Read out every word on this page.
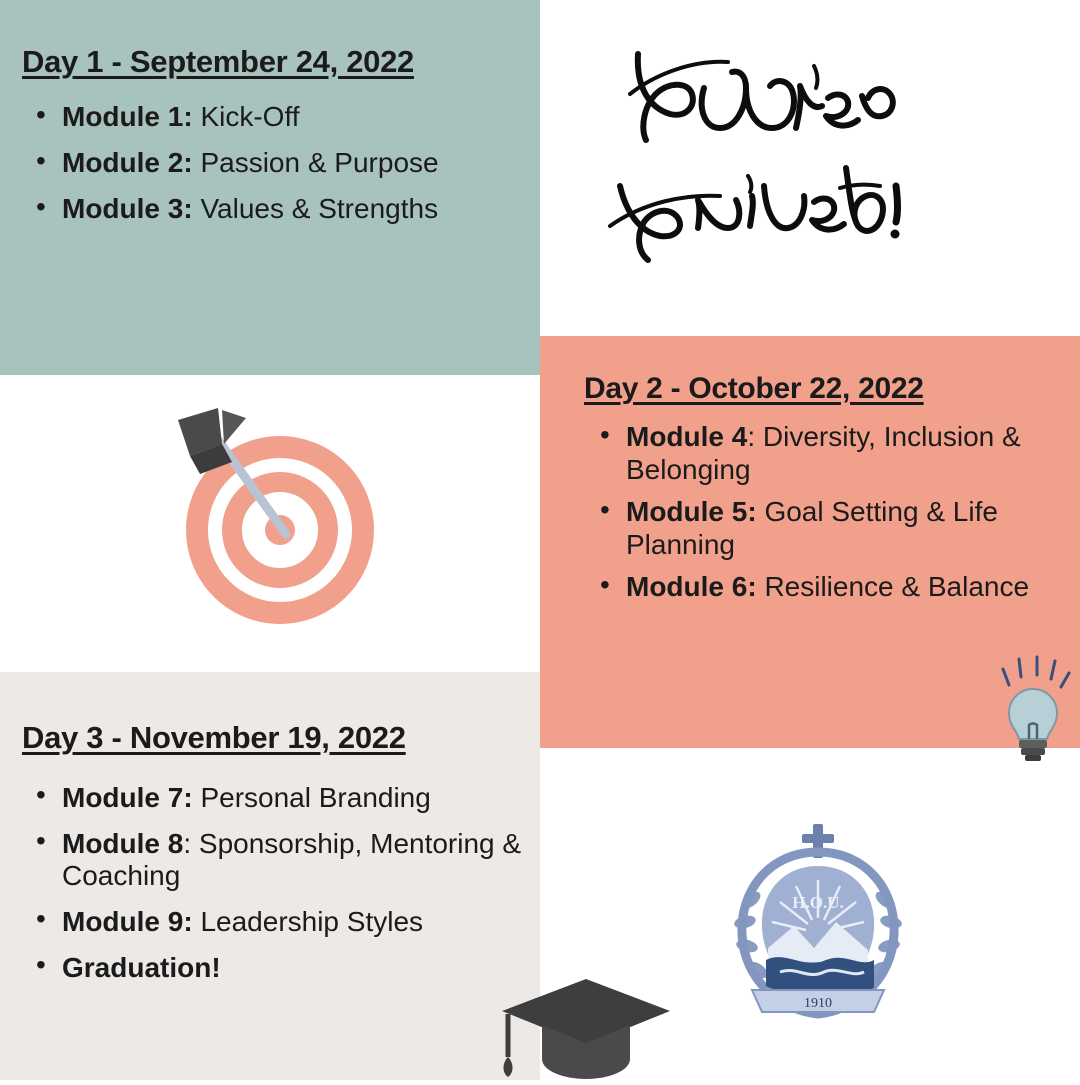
Day 1 - September 24, 2022
• Module 1: Kick-Off
• Module 2: Passion & Purpose
• Module 3: Values & Strengths
Day 2 - October 22, 2022
• Module 4: Diversity, Inclusion & Belonging
• Module 5: Goal Setting & Life Planning
• Module 6: Resilience & Balance
Day 3 - November 19, 2022
• Module 7: Personal Branding
• Module 8: Sponsorship, Mentoring & Coaching
• Module 9: Leadership Styles
• Graduation!
H.O.U.
1910
